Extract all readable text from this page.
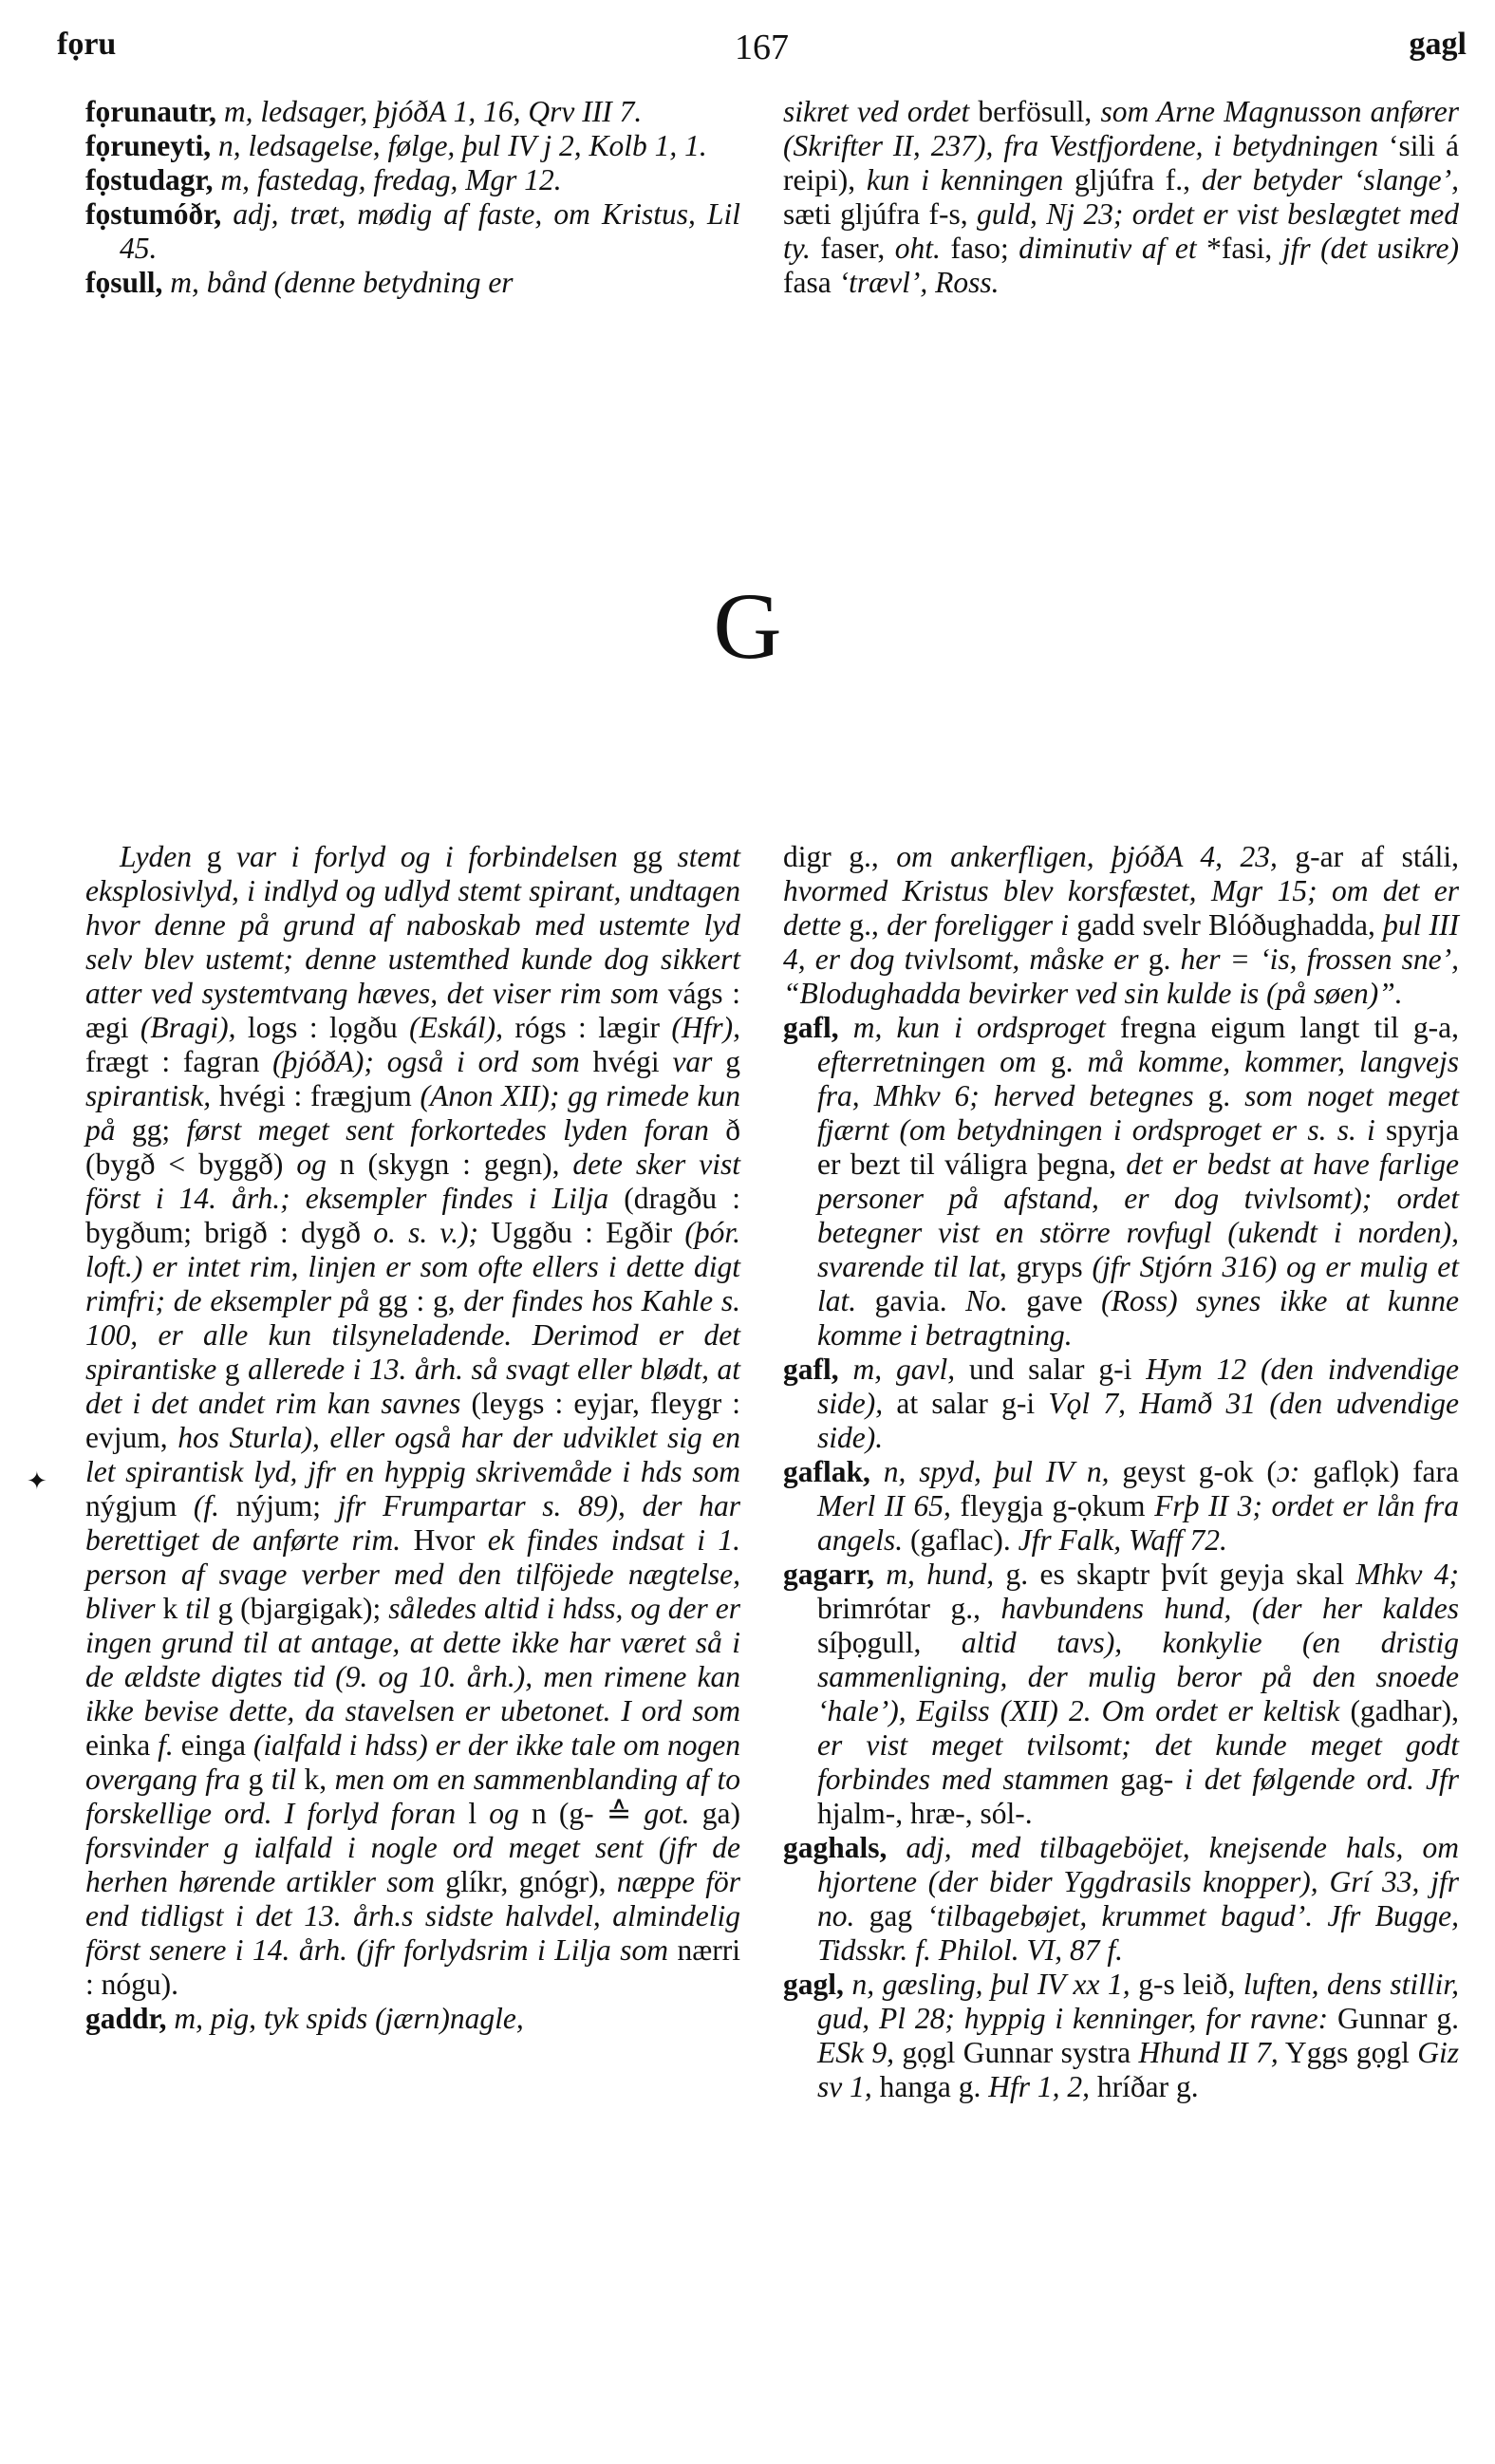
fọru	167	gagl

fọrunautr, m, ledsager, þjóðA 1, 16, Qrv III 7.

fọruneyti, n, ledsagelse, følge, þul IV j 2, Kolb 1, 1.

fọstudagr, m, fastedag, fredag, Mgr 12.

fọstumóðr, adj, træt, mødig af faste, om Kristus, Lil 45.

fọsull, m, bånd (denne betydning er

sikret ved ordet berfösull, som Arne Magnusson anfører (Skrifter II, 237), fra Vestfjordene, i betydningen ‘sili á reipi), kun i kenningen gljúfra f., der betyder ‘slange’, sæti gljúfra f-s, guld, Nj 23; ordet er vist beslægtet med ty. faser, oht. faso; diminutiv af et *fasi, jfr (det usikre) fasa ‘trævl’, Ross.

G
✦

Lyden g var i forlyd og i forbindelsen gg stemt eksplosivlyd, i indlyd og udlyd stemt spirant, undtagen hvor denne på grund af naboskab med ustemte lyd selv blev ustemt; denne ustemthed kunde dog sikkert atter ved systemtvang hæves, det viser rim som vágs : ægi (Bragi), logs : lọgðu (Eskál), rógs : lægir (Hfr), frægt : fagran (þjóðA); også i ord som hvégi var g spirantisk, hvégi : frægjum (Anon XII); gg rimede kun på gg; først meget sent forkortedes lyden foran ð (bygð < byggð) og n (skygn : gegn), dete sker vist först i 14. årh.; eksempler findes i Lilja (dragðu : bygðum; brigð : dygð o. s. v.); Uggðu : Egðir (þór. loft.) er intet rim, linjen er som ofte ellers i dette digt rimfri; de eksempler på gg : g, der findes hos Kahle s. 100, er alle kun tilsyneladende. Derimod er det spirantiske g allerede i 13. årh. så svagt eller blødt, at det i det andet rim kan savnes (leygs : eyjar, fleygr : evjum, hos Sturla), eller også har der udviklet sig en let spirantisk lyd, jfr en hyppig skrivemåde i hds som nýgjum (f. nýjum; jfr Frumpartar s. 89), der har berettiget de anførte rim. Hvor ek findes indsat i 1. person af svage verber med den tilföjede nægtelse, bliver k til g (bjargigak); således altid i hdss, og der er ingen grund til at antage, at dette ikke har været så i de ældste digtes tid (9. og 10. årh.), men rimene kan ikke bevise dette, da stavelsen er ubetonet. I ord som einka f. einga (ialfald i hdss) er der ikke tale om nogen overgang fra g til k, men om en sammenblanding af to forskellige ord. I forlyd foran l og n (g- ≙ got. ga) forsvinder g ialfald i nogle ord meget sent (jfr de herhen hørende artikler som glíkr, gnógr), næppe för end tidligst i det 13. årh.s sidste halvdel, almindelig först senere i 14. årh. (jfr forlydsrim i Lilja som nærri : nógu).

gaddr, m, pig, tyk spids (jærn)nagle,

digr g., om ankerfligen, þjóðA 4, 23, g-ar af stáli, hvormed Kristus blev korsfæstet, Mgr 15; om det er dette g., der foreligger i gadd svelr Blóðughadda, þul III 4, er dog tvivlsomt, måske er g. her = ‘is, frossen sne’, “Blodughadda bevirker ved sin kulde is (på søen)”.

gafl, m, kun i ordsproget fregna eigum langt til g-a, efterretningen om g. må komme, kommer, langvejs fra, Mhkv 6; herved betegnes g. som noget meget fjærnt (om betydningen i ordsproget er s. s. i spyrja er bezt til váligra þegna, det er bedst at have farlige personer på afstand, er dog tvivlsomt); ordet betegner vist en större rovfugl (ukendt i norden), svarende til lat, gryps (jfr Stjórn 316) og er mulig et lat. gavia. No. gave (Ross) synes ikke at kunne komme i betragtning.

gafl, m, gavl, und salar g-i Hym 12 (den indvendige side), at salar g-i Vǫl 7, Hamð 31 (den udvendige side).

gaflak, n, spyd, þul IV n, geyst g-ok (ɔ: gaflọk) fara Merl II 65, fleygja g-ọkum Frþ II 3; ordet er lån fra angels. (gaflac). Jfr Falk, Waff 72.

gagarr, m, hund, g. es skaptr þvít geyja skal Mhkv 4; brimrótar g., havbundens hund, (der her kaldes síþọgull, altid tavs), konkylie (en dristig sammenligning, der mulig beror på den snoede ‘hale’), Egilss (XII) 2. Om ordet er keltisk (gadhar), er vist meget tvilsomt; det kunde meget godt forbindes med stammen gag- i det følgende ord. Jfr hjalm-, hræ-, sól-.

gaghals, adj, med tilbageböjet, knejsende hals, om hjortene (der bider Yggdrasils knopper), Grí 33, jfr no. gag ‘tilbagebøjet, krummet bagud’. Jfr Bugge, Tidsskr. f. Philol. VI, 87 f.

gagl, n, gæsling, þul IV xx 1, g-s leið, luften, dens stillir, gud, Pl 28; hyppig i kenninger, for ravne: Gunnar g. ESk 9, gọgl Gunnar systra Hhund II 7, Yggs gọgl Giz sv 1, hanga g. Hfr 1, 2, hríðar g.
